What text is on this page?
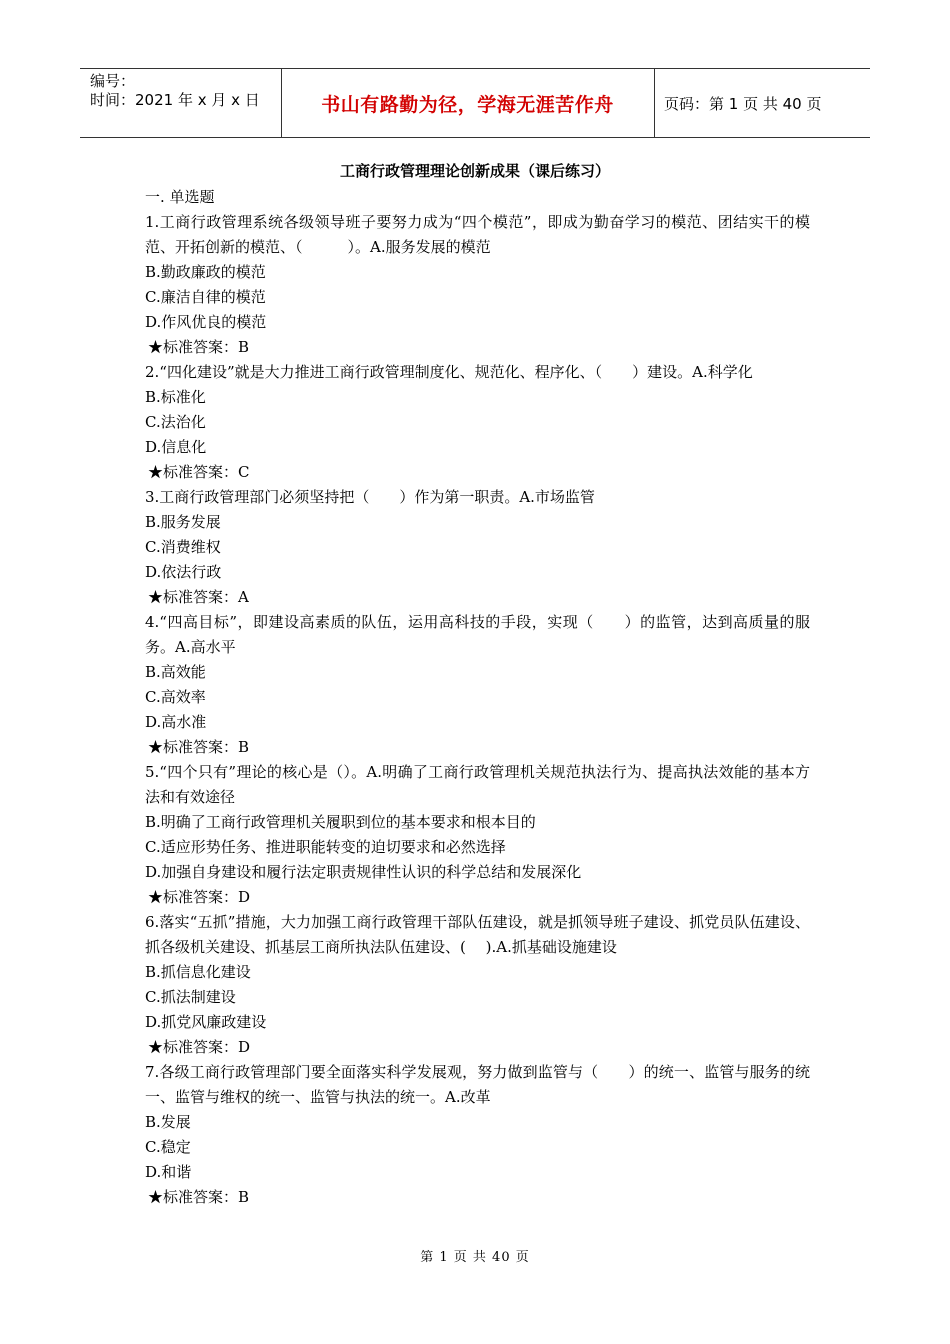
编号：
时间：2021 年 x 月 x 日	书山有路勤为径，学海无涯苦作舟	页码：第 1 页 共 40 页
工商行政管理理论创新成果（课后练习）
一. 单选题
1.工商行政管理系统各级领导班子要努力成为“四个模范”，即成为勤奋学习的模范、团结实干的模范、开拓创新的模范、（　　　）。A.服务发展的模范
B.勤政廉政的模范
C.廉洁自律的模范
D.作风优良的模范
★标准答案：B
2.“四化建设”就是大力推进工商行政管理制度化、规范化、程序化、（　　）建设。A.科学化
B.标准化
C.法治化
D.信息化
★标准答案：C
3.工商行政管理部门必须坚持把（　　）作为第一职责。A.市场监管
B.服务发展
C.消费维权
D.依法行政
★标准答案：A
4.“四高目标”，即建设高素质的队伍，运用高科技的手段，实现（　　）的监管，达到高质量的服务。A.高水平
B.高效能
C.高效率
D.高水准
★标准答案：B
5.“四个只有”理论的核心是（）。A.明确了工商行政管理机关规范执法行为、提高执法效能的基本方法和有效途径
B.明确了工商行政管理机关履职到位的基本要求和根本目的
C.适应形势任务、推进职能转变的迫切要求和必然选择
D.加强自身建设和履行法定职责规律性认识的科学总结和发展深化
★标准答案：D
6.落实“五抓”措施，大力加强工商行政管理干部队伍建设，就是抓领导班子建设、抓党员队伍建设、抓各级机关建设、抓基层工商所执法队伍建设、(　 ).A.抓基础设施建设
B.抓信息化建设
C.抓法制建设
D.抓党风廉政建设
★标准答案：D
7.各级工商行政管理部门要全面落实科学发展观，努力做到监管与（　　）的统一、监管与服务的统一、监管与维权的统一、监管与执法的统一。A.改革
B.发展
C.稳定
D.和谐
★标准答案：B
第 1 页 共 40 页
